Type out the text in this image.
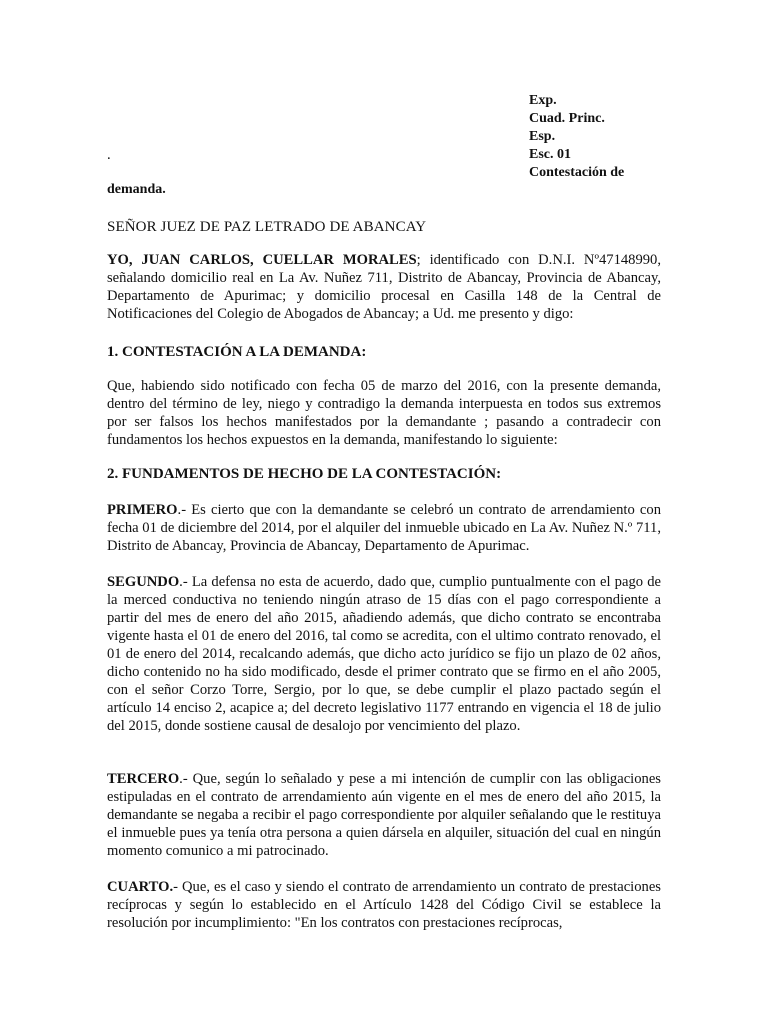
Exp.
Cuad. Princ.
Esp.
Esc. 01
Contestación de
.
demanda.
SEÑOR JUEZ DE PAZ LETRADO DE ABANCAY
YO, JUAN CARLOS, CUELLAR MORALES; identificado con D.N.I. Nº47148990, señalando domicilio real en La Av. Nuñez 711, Distrito de Abancay, Provincia de Abancay, Departamento de Apurimac; y domicilio procesal en Casilla 148 de la Central de Notificaciones del Colegio de Abogados de Abancay; a Ud. me presento y digo:
1. CONTESTACIÓN A LA DEMANDA:
Que, habiendo sido notificado con fecha 05 de marzo del 2016, con la presente demanda, dentro del término de ley, niego y contradigo la demanda interpuesta en todos sus extremos por ser falsos los hechos manifestados por la demandante ; pasando a contradecir con fundamentos los hechos expuestos en la demanda, manifestando lo siguiente:
2. FUNDAMENTOS DE HECHO DE LA CONTESTACIÓN:
PRIMERO.- Es cierto que con la demandante se celebró un contrato de arrendamiento con fecha 01 de diciembre del 2014, por el alquiler del inmueble ubicado en La Av. Nuñez N.º 711, Distrito de Abancay, Provincia de Abancay, Departamento de Apurimac.
SEGUNDO.- La defensa no esta de acuerdo, dado que, cumplio puntualmente con el pago de la merced conductiva no teniendo ningún atraso de 15 días con el pago correspondiente a partir del mes de enero del año 2015, añadiendo además, que dicho contrato se encontraba vigente hasta el 01 de enero del 2016, tal como se acredita, con el ultimo contrato renovado, el 01 de enero del 2014, recalcando además, que dicho acto jurídico se fijo un plazo de 02 años, dicho contenido no ha sido modificado, desde el primer contrato que se firmo en el año 2005, con el señor Corzo Torre, Sergio, por lo que, se debe cumplir el plazo pactado según el artículo 14 enciso 2, acapice a; del decreto legislativo 1177 entrando en vigencia el 18 de julio del 2015, donde sostiene causal de desalojo por vencimiento del plazo.
TERCERO.- Que, según lo señalado y pese a mi intención de cumplir con las obligaciones estipuladas en el contrato de arrendamiento aún vigente en el mes de enero del año 2015, la demandante se negaba a recibir el pago correspondiente por alquiler señalando que le restituya el inmueble pues ya tenía otra persona a quien dársela en alquiler, situación del cual en ningún momento comunico a mi patrocinado.
CUARTO.- Que, es el caso y siendo el contrato de arrendamiento un contrato de prestaciones recíprocas y según lo establecido en el Artículo 1428 del Código Civil se establece la resolución por incumplimiento: "En los contratos con prestaciones recíprocas,
